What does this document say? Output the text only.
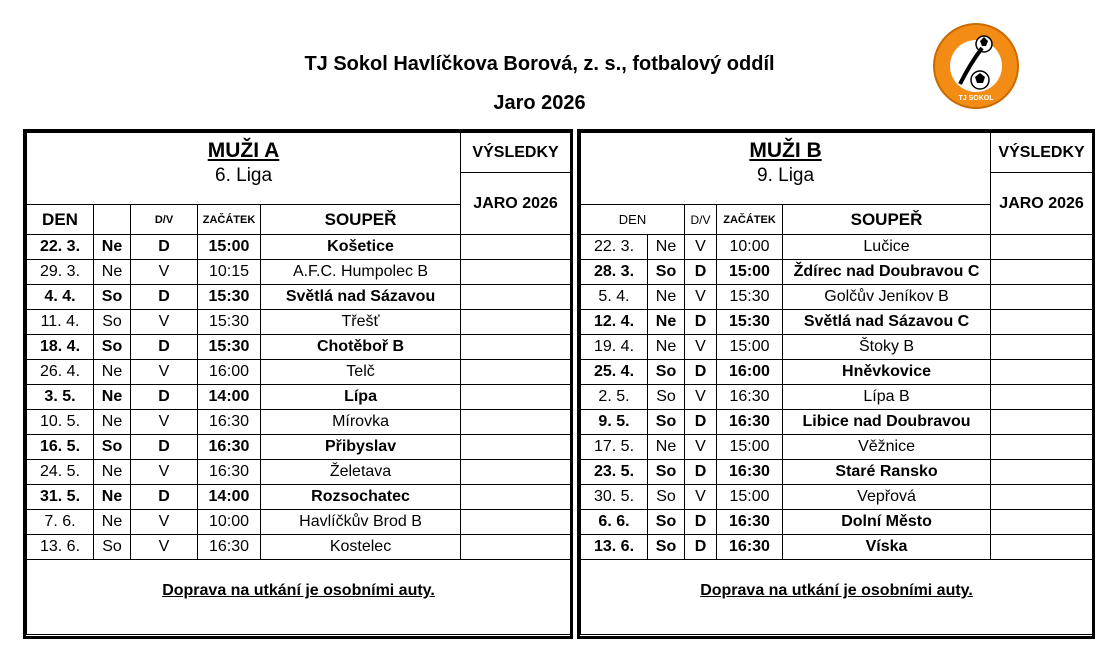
TJ Sokol Havlíčkova Borová, z. s., fotbalový oddíl
Jaro 2026	TJ SOKOL
MUŽI A
6. Liga					VÝSLEDKY
					JARO 2026
DEN		D/V	ZAČÁTEK	SOUPEŘ	
22. 3.	Ne	D	15:00	Košetice	
29. 3.	Ne	V	10:15	A.F.C. Humpolec B	
4. 4.	So	D	15:30	Světlá nad Sázavou	
11. 4.	So	V	15:30	Třešť	
18. 4.	So	D	15:30	Chotěboř B	
26. 4.	Ne	V	16:00	Telč	
3. 5.	Ne	D	14:00	Lípa	
10. 5.	Ne	V	16:30	Mírovka	
16. 5.	So	D	16:30	Přibyslav	
24. 5.	Ne	V	16:30	Želetava	
31. 5.	Ne	D	14:00	Rozsochatec	
7. 6.	Ne	V	10:00	Havlíčkův Brod B	
13. 6.	So	V	16:30	Kostelec	
Doprava na utkání je osobními auty.					
MUŽI B
9. Liga					VÝSLEDKY
					JARO 2026
DEN		D/V	ZAČÁTEK	SOUPEŘ	
22. 3.	Ne	V	10:00	Lučice	
28. 3.	So	D	15:00	Ždírec nad Doubravou C	
5. 4.	Ne	V	15:30	Golčův Jeníkov B	
12. 4.	Ne	D	15:30	Světlá nad Sázavou C	
19. 4.	Ne	V	15:00	Štoky B	
25. 4.	So	D	16:00	Hněvkovice	
2. 5.	So	V	16:30	Lípa B	
9. 5.	So	D	16:30	Libice nad Doubravou	
17. 5.	Ne	V	15:00	Věžnice	
23. 5.	So	D	16:30	Staré Ransko	
30. 5.	So	V	15:00	Vepřová	
6. 6.	So	D	16:30	Dolní Město	
13. 6.	So	D	16:30	Víska	
Doprava na utkání je osobními auty.					
